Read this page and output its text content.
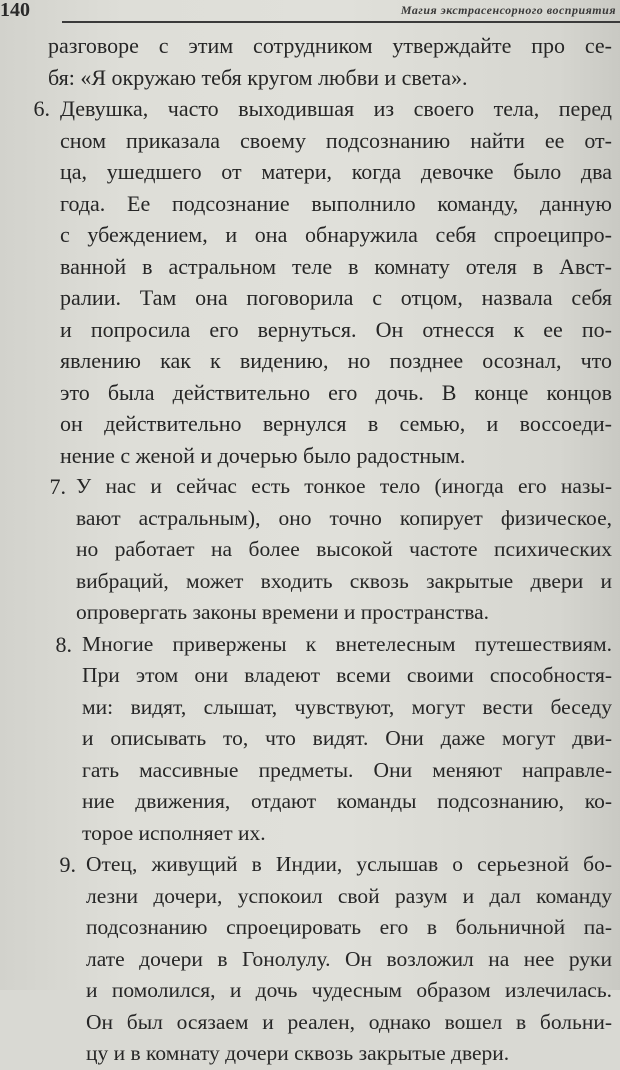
140	Магия экстрасенсорного восприятия
разговоре с этим сотрудником утверждайте про се-
бя: «Я окружаю тебя кругом любви и света».
6. Девушка, часто выходившая из своего тела, перед
сном приказала своему подсознанию найти ее от-
ца, ушедшего от матери, когда девочке было два
года. Ее подсознание выполнило команду, данную
с убеждением, и она обнаружила себя спроеципро-
ванной в астральном теле в комнату отеля в Авст-
ралии. Там она поговорила с отцом, назвала себя
и попросила его вернуться. Он отнесся к ее по-
явлению как к видению, но позднее осознал, что
это была действительно его дочь. В конце концов
он действительно вернулся в семью, и воссоеди-
нение с женой и дочерью было радостным.
7. У нас и сейчас есть тонкое тело (иногда его назы-
вают астральным), оно точно копирует физическое,
но работает на более высокой частоте психических
вибраций, может входить сквозь закрытые двери и
опровергать законы времени и пространства.
8. Многие привержены к внетелесным путешествиям.
При этом они владеют всеми своими способностя-
ми: видят, слышат, чувствуют, могут вести беседу
и описывать то, что видят. Они даже могут дви-
гать массивные предметы. Они меняют направле-
ние движения, отдают команды подсознанию, ко-
торое исполняет их.
9. Отец, живущий в Индии, услышав о серьезной бо-
лезни дочери, успокоил свой разум и дал команду
подсознанию спроецировать его в больничной па-
лате дочери в Гонолулу. Он возложил на нее руки
и помолился, и дочь чудесным образом излечилась.
Он был осязаем и реален, однако вошел в больни-
цу и в комнату дочери сквозь закрытые двери.
